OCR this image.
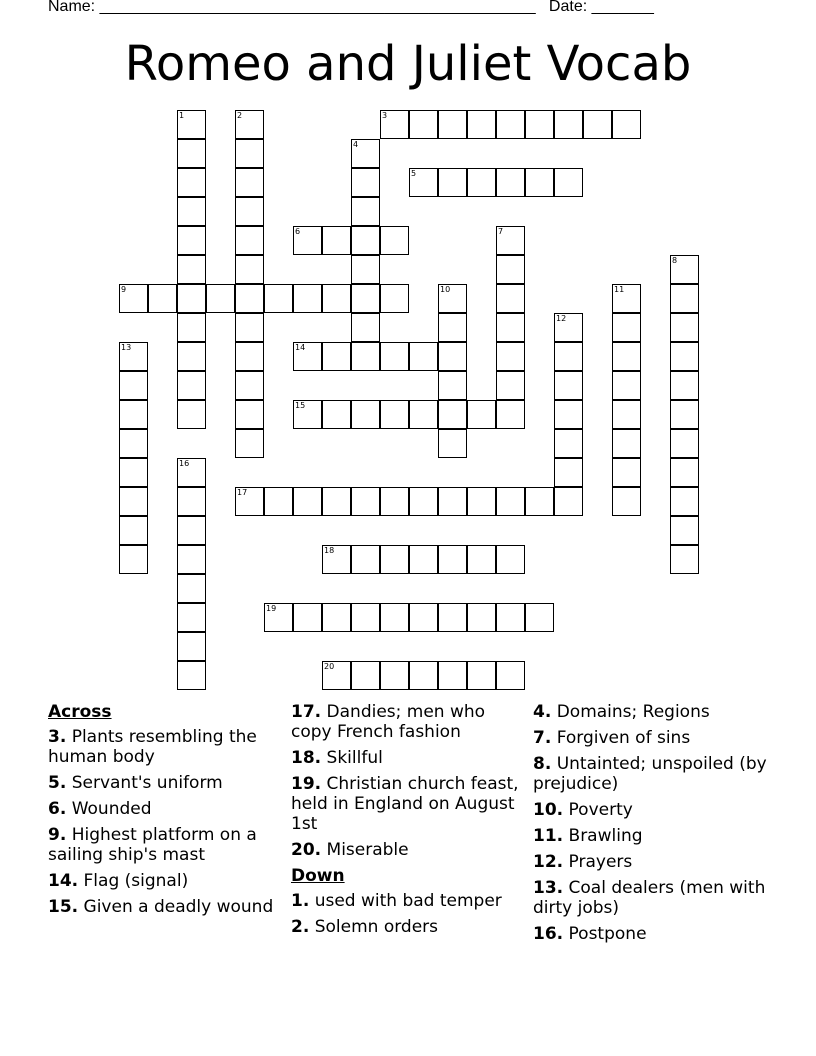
Name: _________________________________________________   Date: _______
Romeo and Juliet Vocab
1	2	3
4
5
6	7
8
9	10	11
12
13	14
15
16
17
18
19
20
Across
3. Plants resembling the human body
5. Servant's uniform
6. Wounded
9. Highest platform on a sailing ship's mast
14. Flag (signal)
15. Given a deadly wound
17. Dandies; men who copy French fashion
18. Skillful
19. Christian church feast, held in England on August 1st
20. Miserable
Down
1. used with bad temper
2. Solemn orders
4. Domains; Regions
7. Forgiven of sins
8. Untainted; unspoiled (by prejudice)
10. Poverty
11. Brawling
12. Prayers
13. Coal dealers (men with dirty jobs)
16. Postpone
